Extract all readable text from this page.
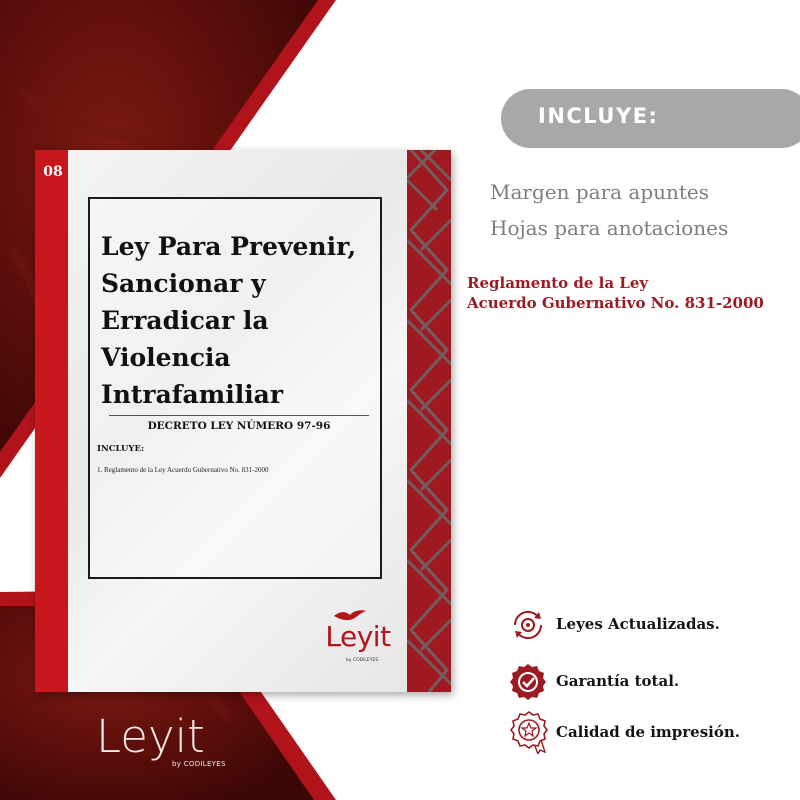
08
Ley Para Prevenir,
Sancionar y
Erradicar la
Violencia
Intrafamiliar
DECRETO LEY NÚMERO 97-96
INCLUYE:
1. Reglamento de la Ley Acuerdo Gubernativo No. 831-2000
Leyit
by CODILEYES
Leyit
by CODILEYES
INCLUYE:
Margen para apuntes
Hojas para anotaciones
Reglamento de la Ley
Acuerdo Gubernativo No. 831-2000
Leyes Actualizadas.
Garantía total.
Calidad de impresión.
